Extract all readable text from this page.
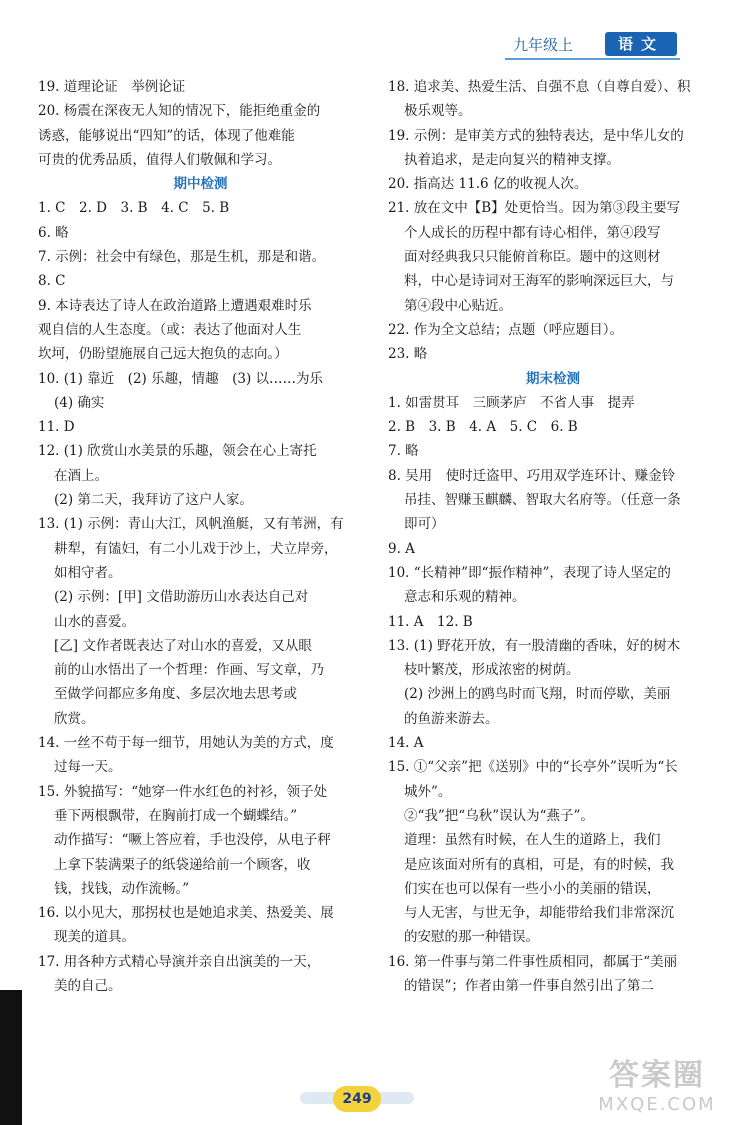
九年级上	语文
19. 道理论证　举例论证
20. 杨震在深夜无人知的情况下，能拒绝重金的
诱惑，能够说出“四知”的话，体现了他难能
可贵的优秀品质，值得人们敬佩和学习。
期中检测
1. C　2. D　3. B　4. C　5. B
6. 略
7. 示例：社会中有绿色，那是生机，那是和谐。
8. C
9. 本诗表达了诗人在政治道路上遭遇艰难时乐
观自信的人生态度。（或：表达了他面对人生
坎坷，仍盼望施展自己远大抱负的志向。）
10. (1) 靠近　(2) 乐趣，情趣　(3) 以……为乐
(4) 确实
11. D
12. (1) 欣赏山水美景的乐趣，领会在心上寄托
在酒上。
(2) 第二天，我拜访了这户人家。
13. (1) 示例：青山大江，风帆渔艇，又有苇洲，有
耕犁，有馌妇，有二小儿戏于沙上，犬立岸旁，
如相守者。
(2) 示例：[甲] 文借助游历山水表达自己对
山水的喜爱。
[乙] 文作者既表达了对山水的喜爱，又从眼
前的山水悟出了一个哲理：作画、写文章，乃
至做学问都应多角度、多层次地去思考或
欣赏。
14. 一丝不苟于每一细节，用她认为美的方式，度
过每一天。
15. 外貌描写：“她穿一件水红色的衬衫，领子处
垂下两根飘带，在胸前打成一个蝴蝶结。”
动作描写：“噘上答应着，手也没停，从电子秤
上拿下装满栗子的纸袋递给前一个顾客，收
钱，找钱，动作流畅。”
16. 以小见大，那拐杖也是她追求美、热爱美、展
现美的道具。
17. 用各种方式精心导演并亲自出演美的一天，
美的自己。
18. 追求美、热爱生活、自强不息（自尊自爱）、积
极乐观等。
19. 示例：是审美方式的独特表达，是中华儿女的
执着追求，是走向复兴的精神支撑。
20. 指高达 11.6 亿的收视人次。
21. 放在文中【B】处更恰当。因为第③段主要写
个人成长的历程中都有诗心相伴，第④段写
面对经典我只只能俯首称臣。题中的这则材
料，中心是诗词对王海军的影响深远巨大，与
第④段中心贴近。
22. 作为全文总结；点题（呼应题目）。
23. 略
期末检测
1. 如雷贯耳　三顾茅庐　不省人事　提弄
2. B　3. B　4. A　5. C　6. B
7. 略
8. 吴用　使时迁盗甲、巧用双学连环计、赚金铃
吊挂、智赚玉麒麟、智取大名府等。（任意一条
即可）
9. A
10. “长精神”即“振作精神”，表现了诗人坚定的
意志和乐观的精神。
11. A　12. B
13. (1) 野花开放，有一股清幽的香味，好的树木
枝叶繁茂，形成浓密的树荫。
(2) 沙洲上的鸥鸟时而飞翔，时而停歇，美丽
的鱼游来游去。
14. A
15. ①“父亲”把《送别》中的“长亭外”误听为“长
城外”。
②“我”把“乌秋”误认为“燕子”。
道理：虽然有时候，在人生的道路上，我们
是应该面对所有的真相，可是，有的时候，我
们实在也可以保有一些小小的美丽的错误，
与人无害，与世无争，却能带给我们非常深沉
的安慰的那一种错误。
16. 第一件事与第二件事性质相同，都属于“美丽
的错误”；作者由第一件事自然引出了第二
249
答案圈
MXQE.COM
